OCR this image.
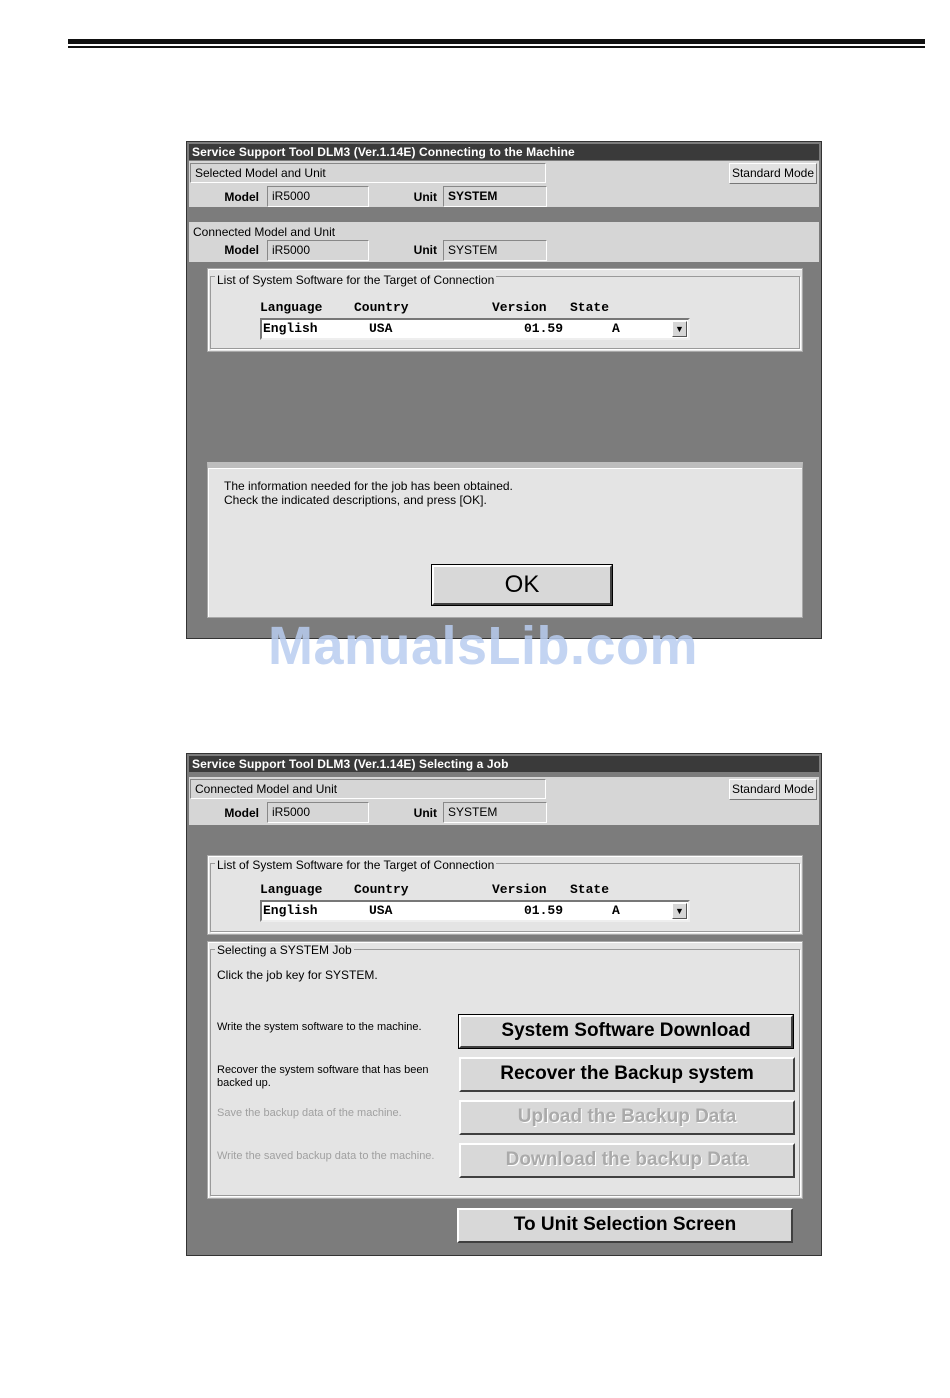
Service Support Tool DLM3 (Ver.1.14E) Connecting to the Machine
Selected Model and Unit	Standard Mode
Model	iR5000	Unit SYSTEM
Connected Model and Unit
Model	iR5000	Unit SYSTEM
List of System Software for the Target of Connection
Language Country	Version State
English	USA	01.59	A	▼
The information needed for the job has been obtained.
Check the indicated descriptions, and press [OK].
OK
ManualsLib.com
Service Support Tool DLM3 (Ver.1.14E) Selecting a Job
Connected Model and Unit	Standard Mode
Model	iR5000	Unit SYSTEM
List of System Software for the Target of Connection
Language Country	Version State
English	USA	01.59	A	▼
Selecting a SYSTEM Job
Click the job key for SYSTEM.
Write the system software to the machine.	System Software Download
Recover the system software that has been backed up.	Recover the Backup system
Save the backup data of the machine.	Upload the Backup Data
Write the saved backup data to the machine.	Download the backup Data
To Unit Selection Screen
